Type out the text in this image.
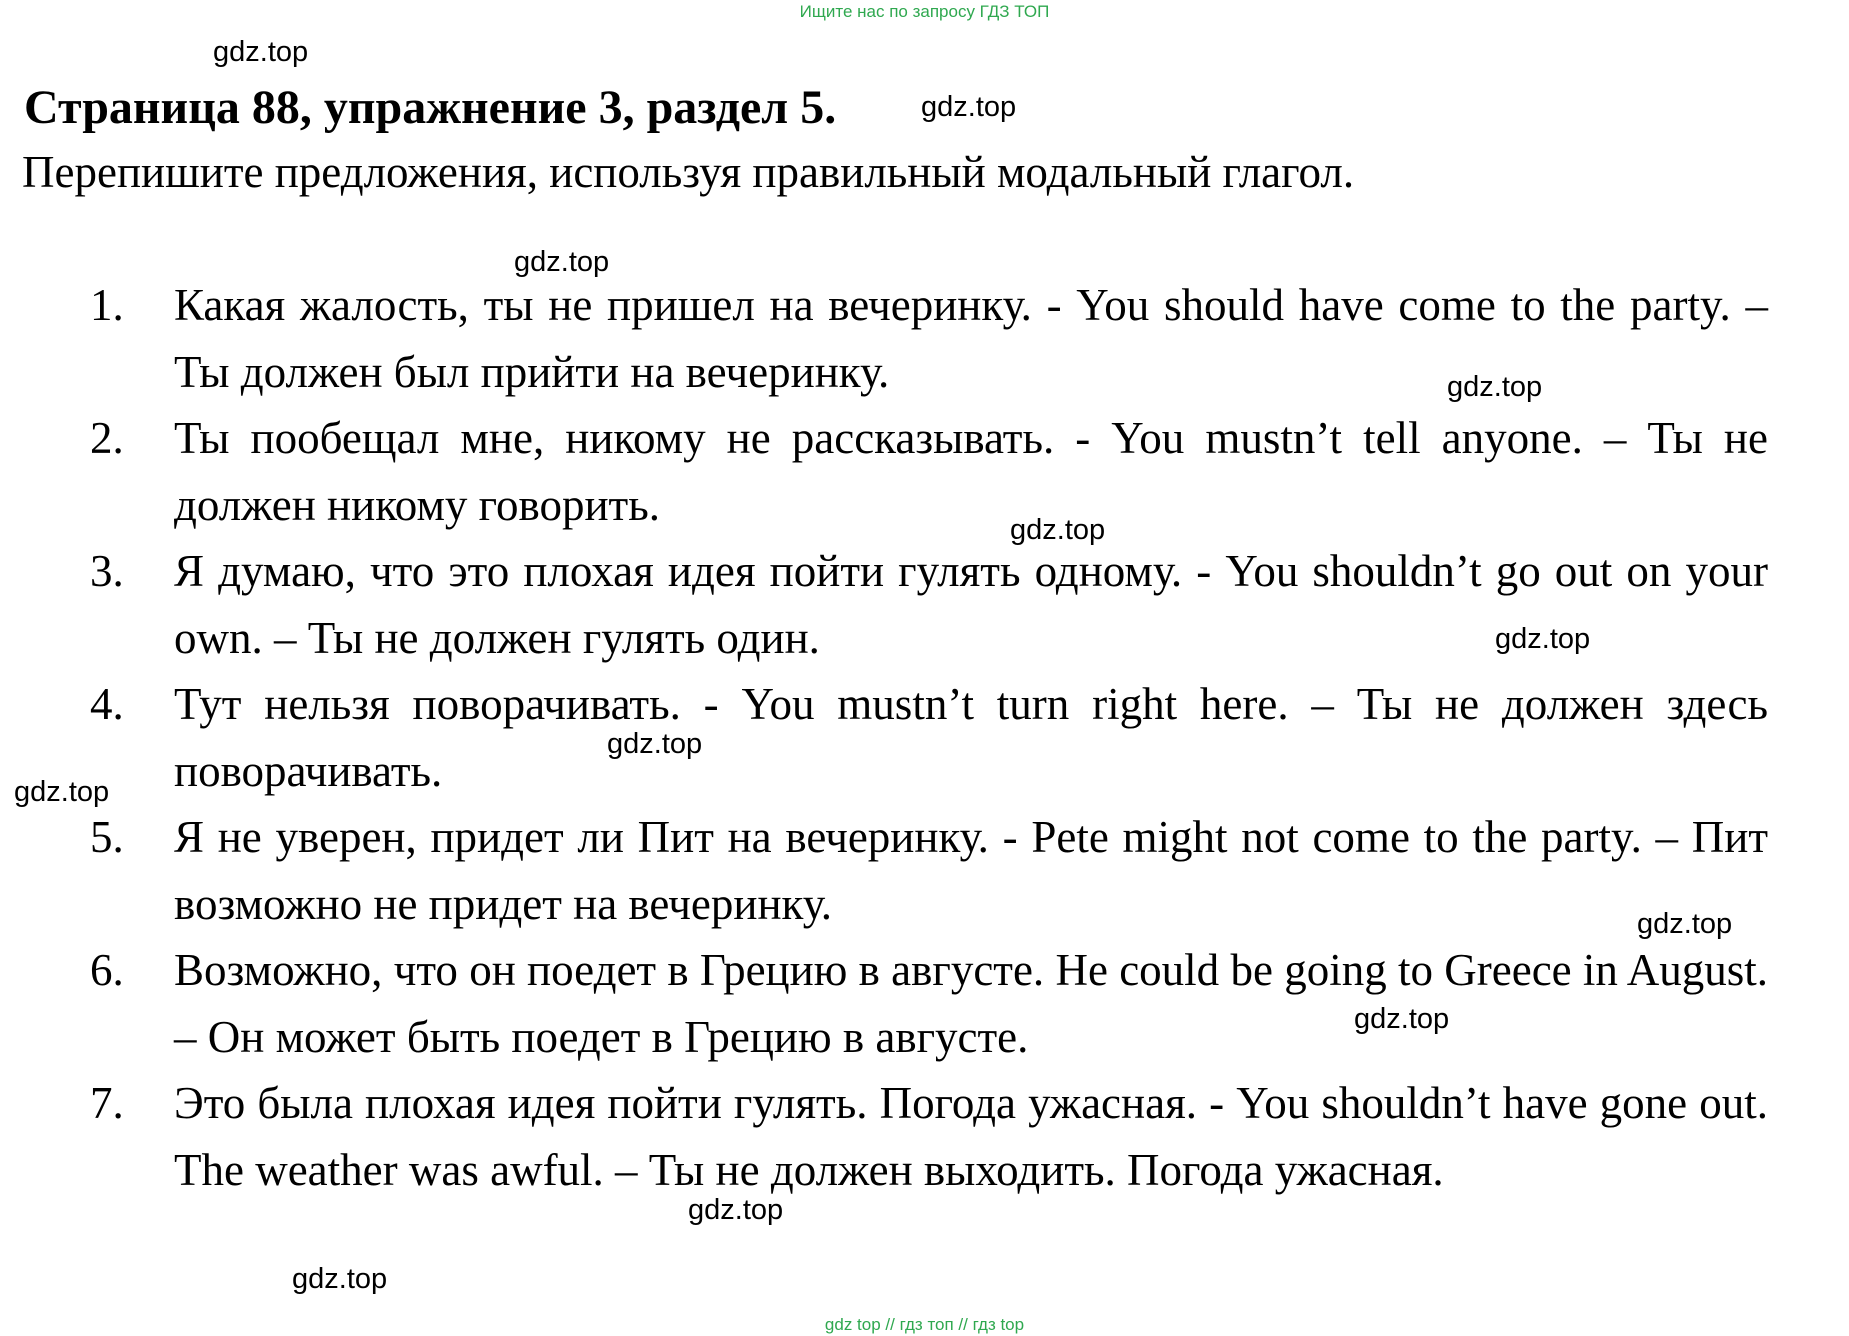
Ищите нас по запросу ГДЗ ТОП
gdz.top
Страница 88, упражнение 3, раздел 5.	gdz.top
Перепишите предложения, используя правильный модальный глагол.
1. Какая жалость, ты не пришел на вечеринку. - You should have come to the party. – Ты должен был прийти на вечеринку.
2. Ты пообещал мне, никому не рассказывать. - You mustn’t tell anyone. – Ты не должен никому говорить.
3. Я думаю, что это плохая идея пойти гулять одному. - You shouldn’t go out on your own. – Ты не должен гулять один.
4. Тут нельзя поворачивать. - You mustn’t turn right here. – Ты не должен здесь поворачивать.
5. Я не уверен, придет ли Пит на вечеринку. - Pete might not come to the party. – Пит возможно не придет на вечеринку.
6. Возможно, что он поедет в Грецию в августе. He could be going to Greece in August. – Он может быть поедет в Грецию в августе.
7. Это была плохая идея пойти гулять. Погода ужасная. - You shouldn’t have gone out. The weather was awful. – Ты не должен выходить. Погода ужасная.
gdz.top
gdz.top
gdz.top
gdz.top
gdz.top
gdz.top
gdz.top
gdz.top
gdz.top
gdz.top
gdz top // гдз топ // гдз top
